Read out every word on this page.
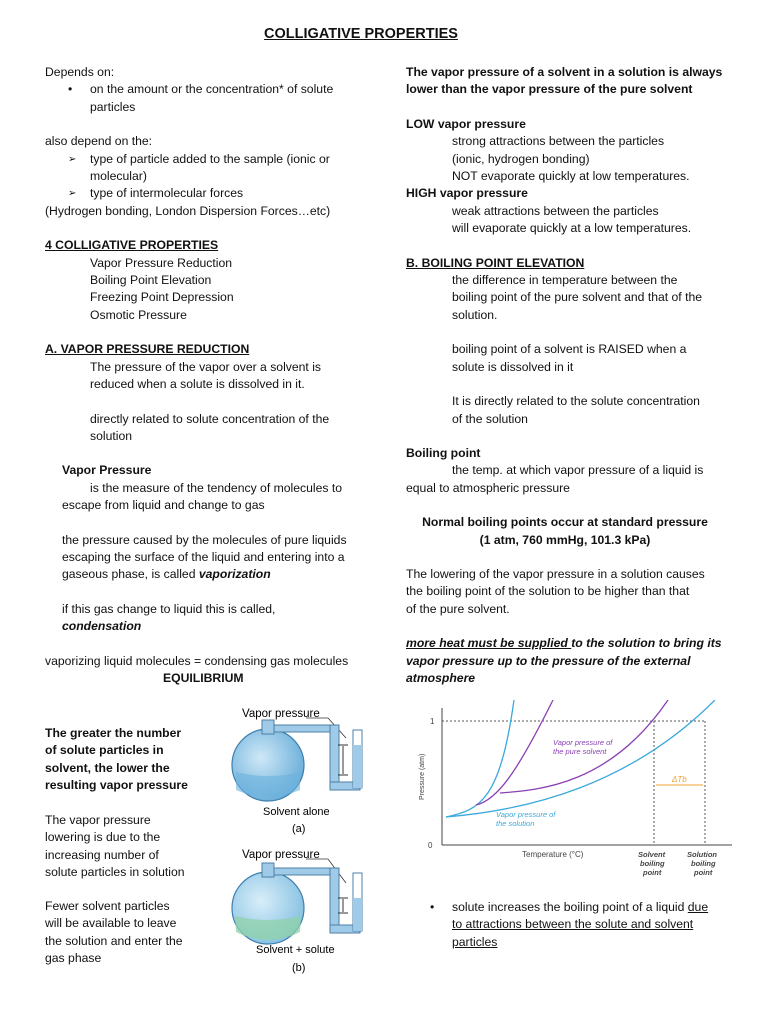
COLLIGATIVE PROPERTIES
Depends on:
• on the amount or the concentration* of solute
particles
also depend on the:
➢ type of particle added to the sample (ionic or
molecular)
➢ type of intermolecular forces
(Hydrogen bonding, London Dispersion Forces…etc)
4 COLLIGATIVE PROPERTIES
Vapor Pressure Reduction
Boiling Point Elevation
Freezing Point Depression
Osmotic Pressure
A. VAPOR PRESSURE REDUCTION
The pressure of the vapor over a solvent is
reduced when a solute is dissolved in it.
directly related to solute concentration of the
solution
Vapor Pressure
is the measure of the tendency of molecules to
escape from liquid and change to gas
the pressure caused by the molecules of pure liquids
escaping the surface of the liquid and entering into a
gaseous phase, is called vaporization
if this gas change to liquid this is called,
condensation
vaporizing liquid molecules = condensing gas molecules
EQUILIBRIUM
The greater the number
of solute particles in
solvent, the lower the
resulting vapor pressure
The vapor pressure
lowering is due to the
increasing number of
solute particles in solution
Fewer solvent particles
will be available to leave
the solution and enter the
gas phase
Vapor pressure
Solvent alone
(a)
Vapor pressure
Solvent + solute
(b)
The vapor pressure of a solvent in a solution is always
lower than the vapor pressure of the pure solvent
LOW vapor pressure
strong attractions between the particles
(ionic, hydrogen bonding)
NOT evaporate quickly at low temperatures.
HIGH vapor pressure
weak attractions between the particles
will evaporate quickly at a low temperatures.
B. BOILING POINT ELEVATION
the difference in temperature between the
boiling point of the pure solvent and that of the
solution.
boiling point of a solvent is RAISED when a
solute is dissolved in it
It is directly related to the solute concentration
of the solution
Boiling point
the temp. at which vapor pressure of a liquid is
equal to atmospheric pressure
Normal boiling points occur at standard pressure
(1 atm, 760 mmHg, 101.3 kPa)
The lowering of the vapor pressure in a solution causes
the boiling point of the solution to be higher than that
of the pure solvent.
more heat must be supplied to the solution to bring its
vapor pressure up to the pressure of the external
atmosphere
1
0
Pressure (atm)
Vapor pressure of
the pure solvent
Vapor pressure of
the solution
ΔTb
Temperature (°C)	Solvent
boiling
point
Solution
boiling
point
• solute increases the boiling point of a liquid due
to attractions between the solute and solvent
particles
